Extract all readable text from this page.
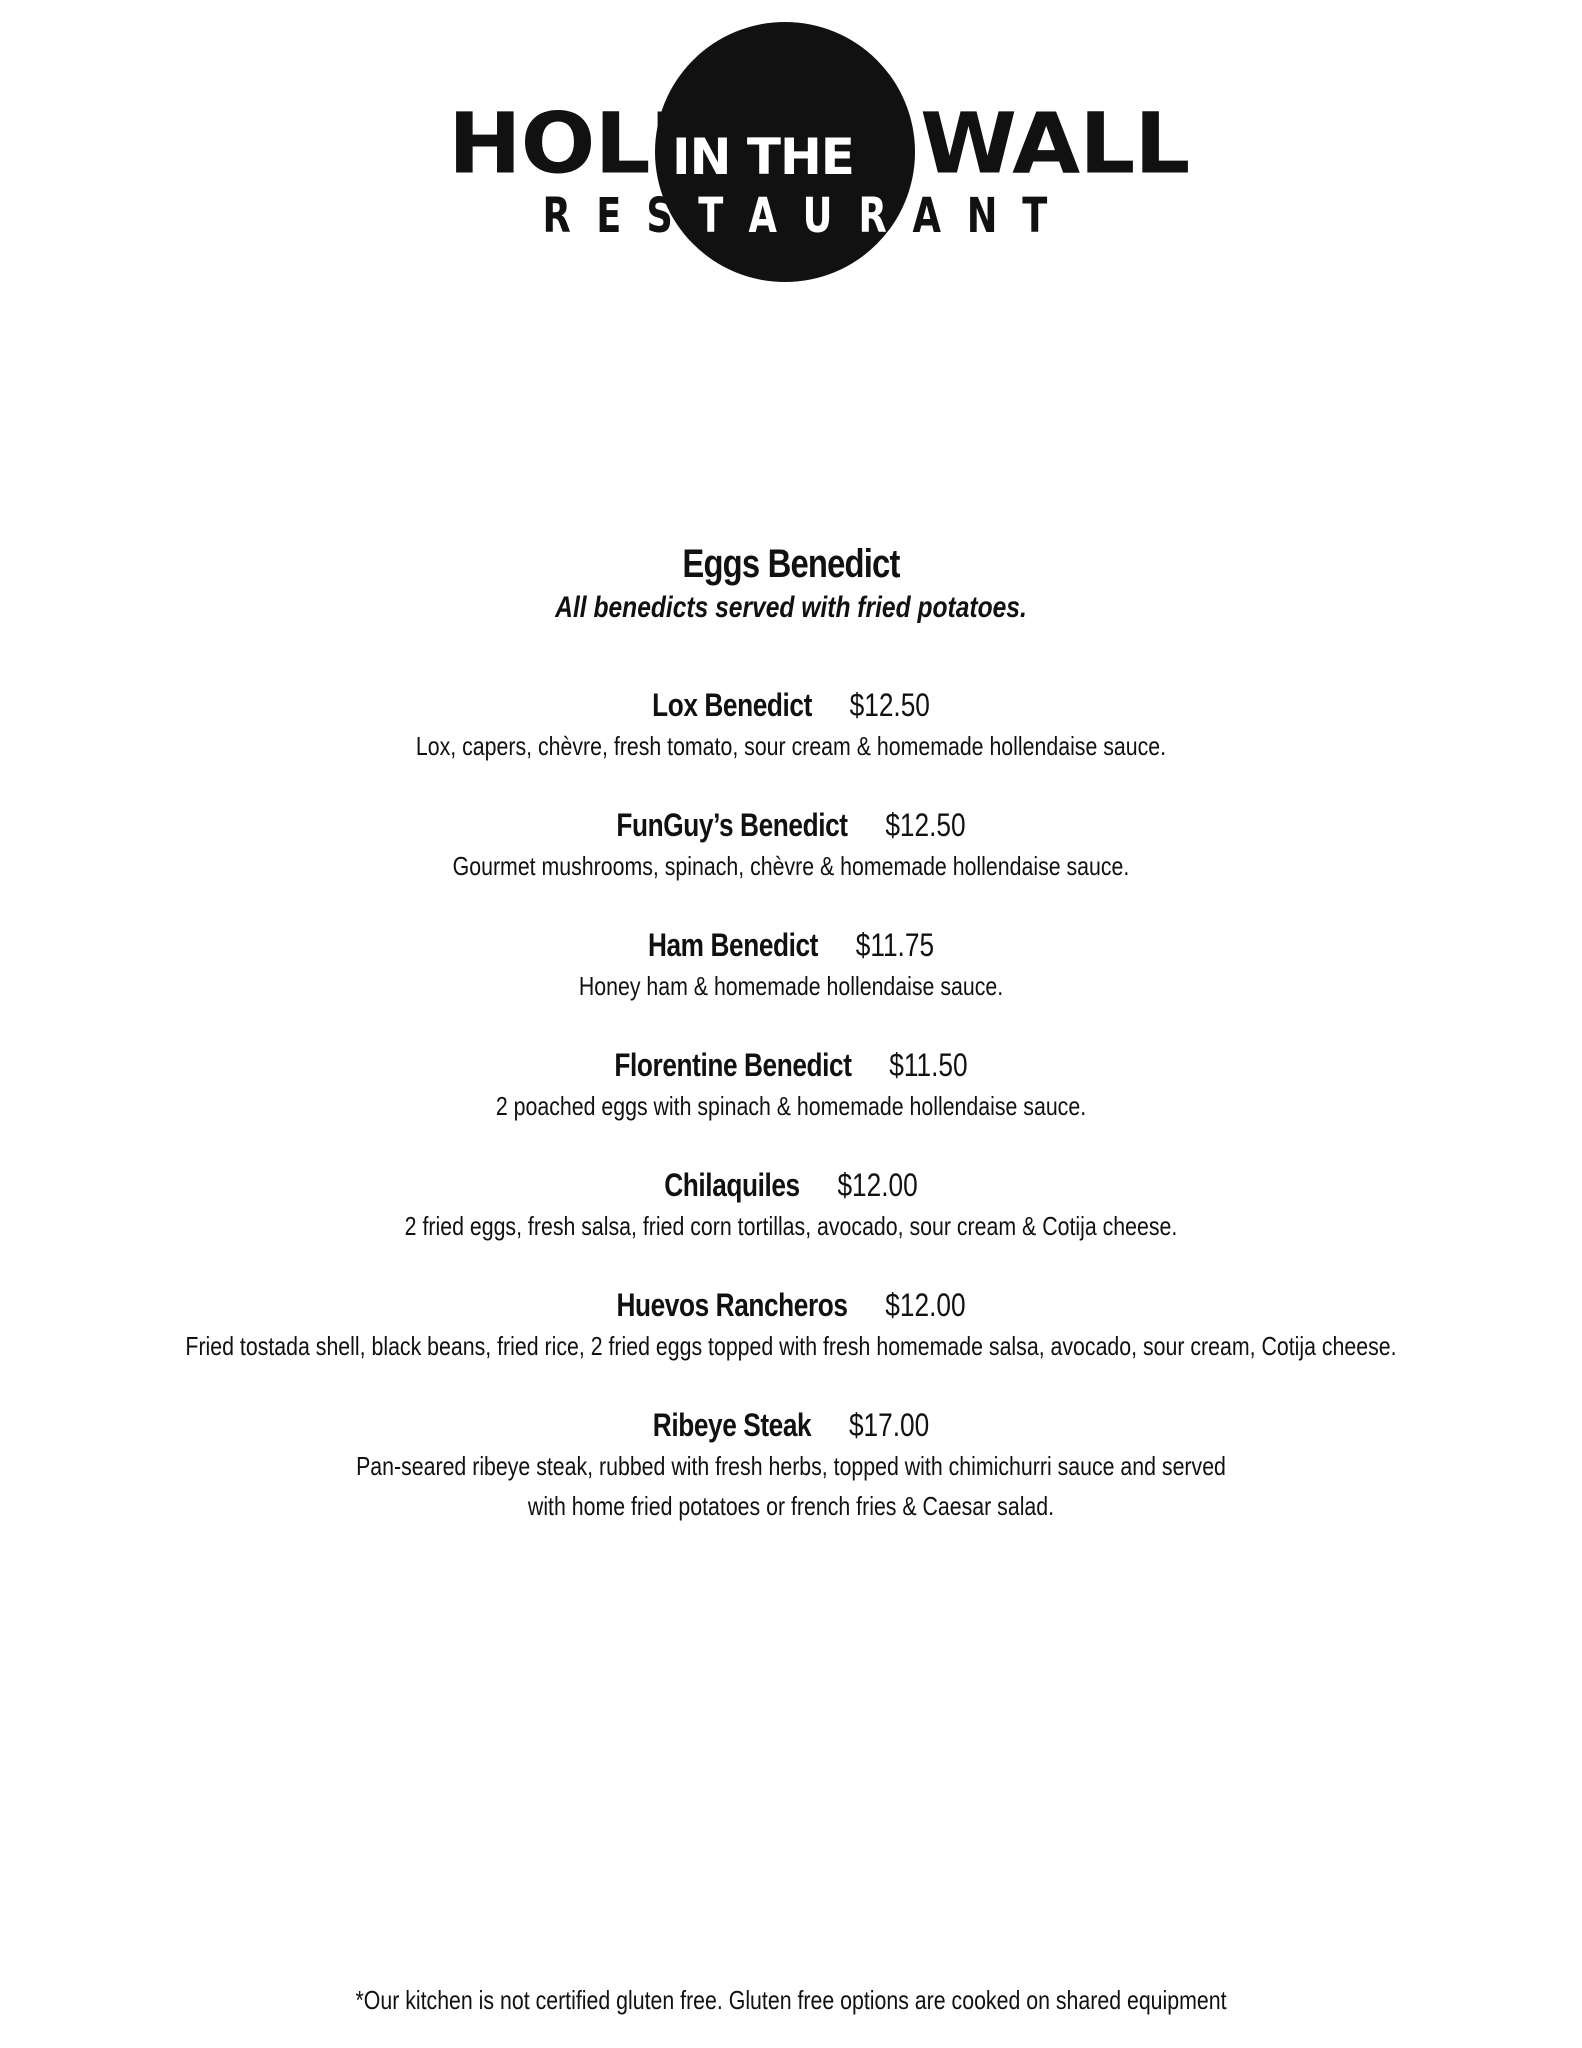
HOLE
IN THE WALL
R E S T A U R A N T
Eggs Benedict

All benedicts served with fried potatoes.

Lox Benedict $12.50
Lox, capers, chèvre, fresh tomato, sour cream & homemade hollendaise sauce.
FunGuy’s Benedict $12.50
Gourmet mushrooms, spinach, chèvre & homemade hollendaise sauce.
Ham Benedict $11.75
Honey ham & homemade hollendaise sauce.
Florentine Benedict $11.50
2 poached eggs with spinach & homemade hollendaise sauce.
Chilaquiles $12.00
2 fried eggs, fresh salsa, fried corn tortillas, avocado, sour cream & Cotija cheese.
Huevos Rancheros $12.00
Fried tostada shell, black beans, fried rice, 2 fried eggs topped with fresh homemade salsa, avocado, sour cream, Cotija cheese.
Ribeye Steak $17.00
Pan-seared ribeye steak, rubbed with fresh herbs, topped with chimichurri sauce and served
with home fried potatoes or french fries & Caesar salad.
*Our kitchen is not certified gluten free. Gluten free options are cooked on shared equipment
